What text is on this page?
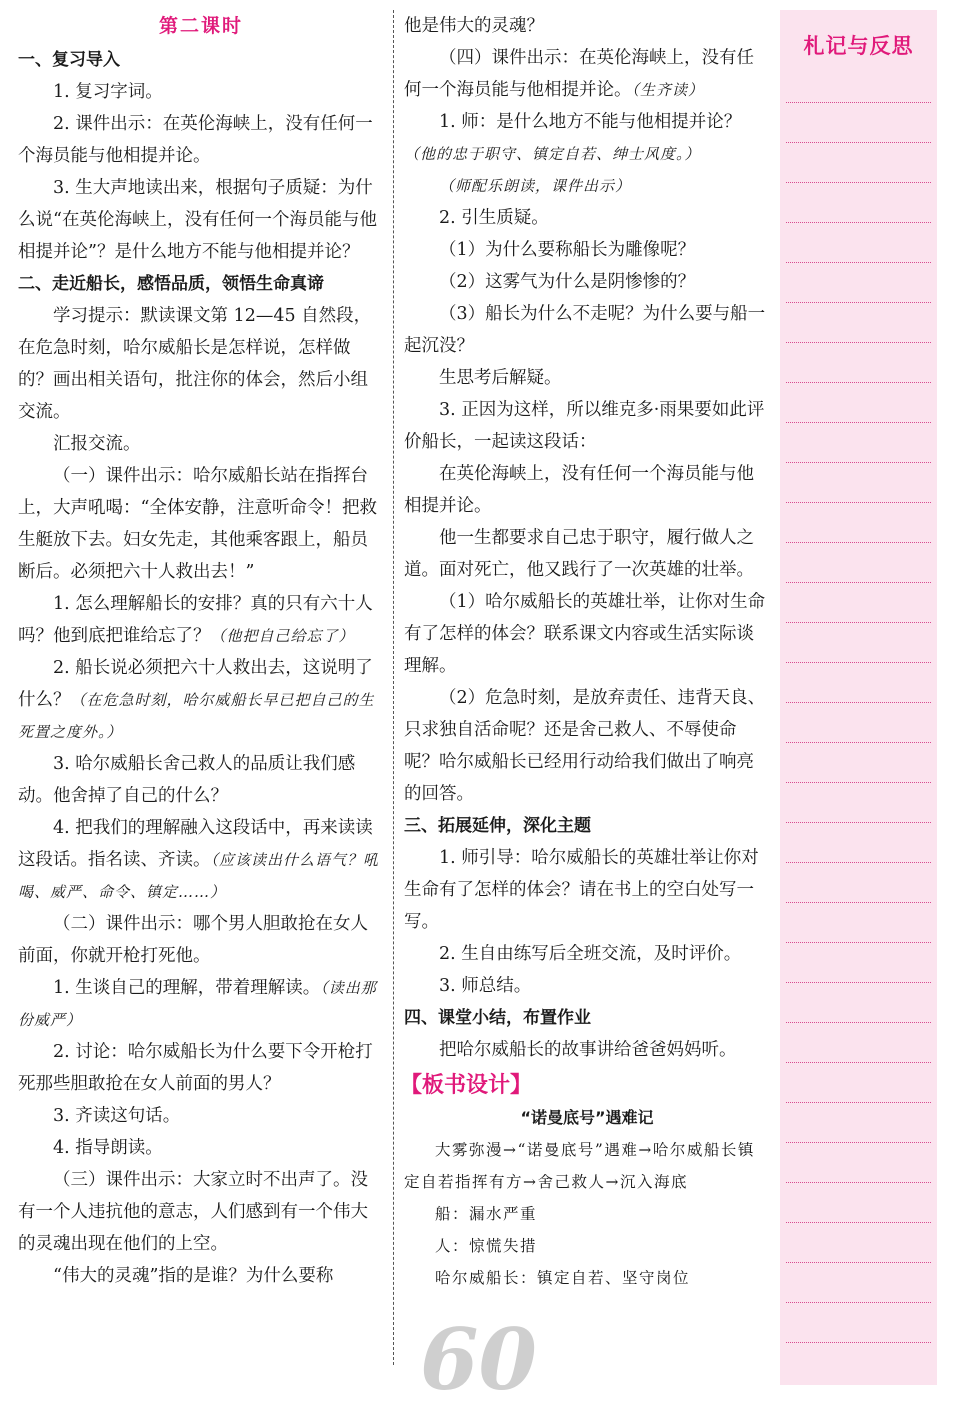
60
第二课时

一、复习导入

1. 复习字词。

2. 课件出示：在英伦海峡上，没有任何一个海员能与他相提并论。

3. 生大声地读出来，根据句子质疑：为什么说“在英伦海峡上，没有任何一个海员能与他相提并论”？是什么地方不能与他相提并论？

二、走近船长，感悟品质，领悟生命真谛

学习提示：默读课文第 12—45 自然段，在危急时刻，哈尔威船长是怎样说，怎样做的？画出相关语句，批注你的体会，然后小组交流。

汇报交流。

（一）课件出示：哈尔威船长站在指挥台上，大声吼喝：“全体安静，注意听命令！把救生艇放下去。妇女先走，其他乘客跟上，船员断后。必须把六十人救出去！”

1. 怎么理解船长的安排？真的只有六十人吗？他到底把谁给忘了？（他把自己给忘了）

2. 船长说必须把六十人救出去，这说明了什么？（在危急时刻，哈尔威船长早已把自己的生死置之度外。）

3. 哈尔威船长舍己救人的品质让我们感动。他舍掉了自己的什么？

4. 把我们的理解融入这段话中，再来读读这段话。指名读、齐读。（应该读出什么语气？吼喝、威严、命令、镇定……）

（二）课件出示：哪个男人胆敢抢在女人前面，你就开枪打死他。

1. 生谈自己的理解，带着理解读。（读出那份威严）

2. 讨论：哈尔威船长为什么要下令开枪打死那些胆敢抢在女人前面的男人？

3. 齐读这句话。

4. 指导朗读。

（三）课件出示：大家立时不出声了。没有一个人违抗他的意志，人们感到有一个伟大的灵魂出现在他们的上空。

“伟大的灵魂”指的是谁？为什么要称

他是伟大的灵魂？

（四）课件出示：在英伦海峡上，没有任何一个海员能与他相提并论。（生齐读）

1. 师：是什么地方不能与他相提并论？（他的忠于职守、镇定自若、绅士风度。）

（师配乐朗读，课件出示）

2. 引生质疑。

（1）为什么要称船长为雕像呢？

（2）这雾气为什么是阴惨惨的？

（3）船长为什么不走呢？为什么要与船一起沉没？

生思考后解疑。

3. 正因为这样，所以维克多·雨果要如此评价船长，一起读这段话：

在英伦海峡上，没有任何一个海员能与他相提并论。

他一生都要求自己忠于职守，履行做人之道。面对死亡，他又践行了一次英雄的壮举。

（1）哈尔威船长的英雄壮举，让你对生命有了怎样的体会？联系课文内容或生活实际谈理解。

（2）危急时刻，是放弃责任、违背天良、只求独自活命呢？还是舍己救人、不辱使命呢？哈尔威船长已经用行动给我们做出了响亮的回答。

三、拓展延伸，深化主题

1. 师引导：哈尔威船长的英雄壮举让你对生命有了怎样的体会？请在书上的空白处写一写。

2. 生自由练写后全班交流，及时评价。

3. 师总结。

四、课堂小结，布置作业

把哈尔威船长的故事讲给爸爸妈妈听。

【板书设计】
“诺曼底号”遇难记

大雾弥漫→“诺曼底号”遇难→哈尔威船长镇定自若指挥有方→舍己救人→沉入海底

船：漏水严重

人：惊慌失措

哈尔威船长：镇定自若、坚守岗位

札记与反思
